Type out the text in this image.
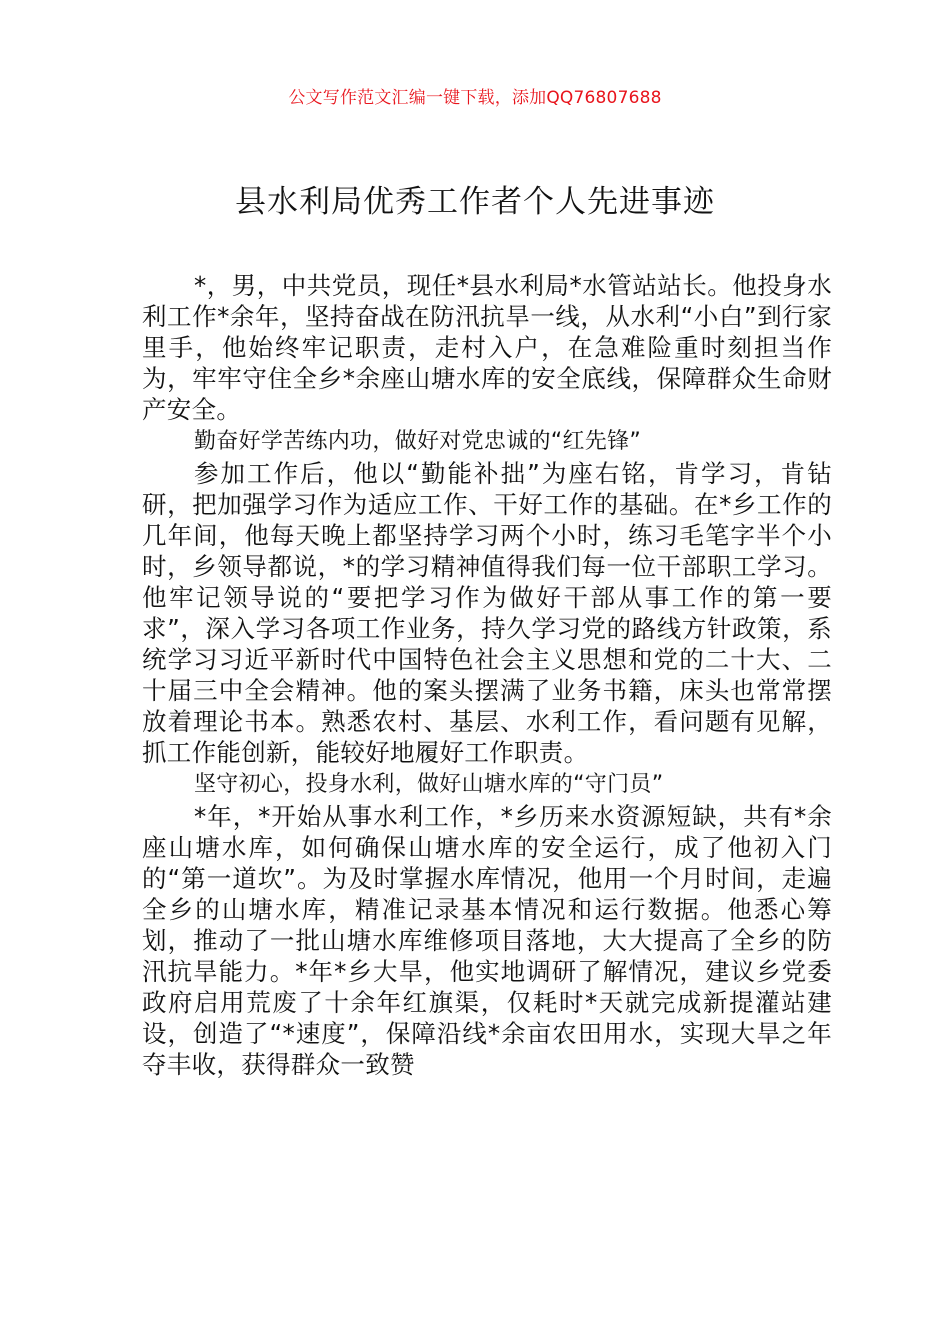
公文写作范文汇编一键下载，添加QQ76807688
县水利局优秀工作者个人先进事迹

*，男，中共党员，现任*县水利局*水管站站长。他投身水利工作*余年，坚持奋战在防汛抗旱一线，从水利“小白”到行家里手，他始终牢记职责，走村入户，在急难险重时刻担当作为，牢牢守住全乡*余座山塘水库的安全底线，保障群众生命财产安全。

勤奋好学苦练内功，做好对党忠诚的“红先锋”

参加工作后，他以“勤能补拙”为座右铭，肯学习，肯钻研，把加强学习作为适应工作、干好工作的基础。在*乡工作的几年间，他每天晚上都坚持学习两个小时，练习毛笔字半个小时，乡领导都说，*的学习精神值得我们每一位干部职工学习。他牢记领导说的“要把学习作为做好干部从事工作的第一要求”，深入学习各项工作业务，持久学习党的路线方针政策，系统学习习近平新时代中国特色社会主义思想和党的二十大、二十届三中全会精神。他的案头摆满了业务书籍，床头也常常摆放着理论书本。熟悉农村、基层、水利工作，看问题有见解，抓工作能创新，能较好地履好工作职责。

坚守初心，投身水利，做好山塘水库的“守门员”

*年，*开始从事水利工作，*乡历来水资源短缺，共有*余座山塘水库，如何确保山塘水库的安全运行，成了他初入门的“第一道坎”。为及时掌握水库情况，他用一个月时间，走遍全乡的山塘水库，精准记录基本情况和运行数据。他悉心筹划，推动了一批山塘水库维修项目落地，大大提高了全乡的防汛抗旱能力。*年*乡大旱，他实地调研了解情况，建议乡党委政府启用荒废了十余年红旗渠，仅耗时*天就完成新提灌站建设，创造了“*速度”，保障沿线*余亩农田用水，实现大旱之年夺丰收，获得群众一致赞
